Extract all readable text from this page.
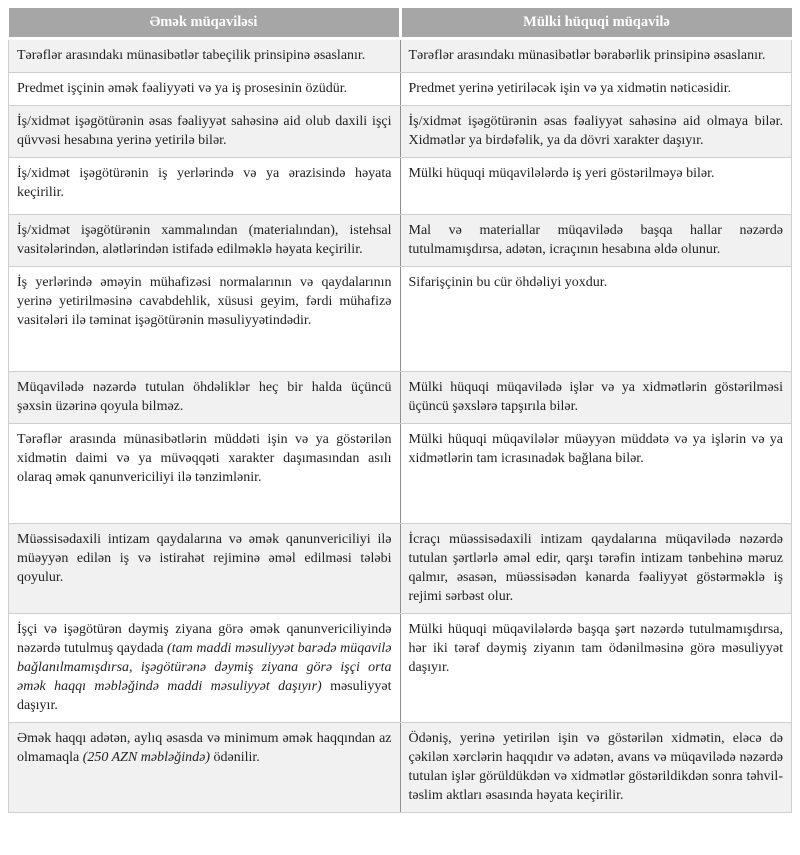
Əmək müqaviləsi	Mülki hüquqi müqavilə
Tərəflər arasındakı münasibətlər tabeçilik prinsipinə əsaslanır.	Tərəflər arasındakı münasibətlər bərabərlik prinsipinə əsaslanır.
Predmet işçinin əmək fəaliyyəti və ya iş prosesinin özüdür.	Predmet yerinə yetiriləcək işin və ya xidmətin nəticəsidir.
İş/xidmət işəgötürənin əsas fəaliyyət sahəsinə aid olub daxili işçi qüvvəsi hesabına yerinə yetirilə bilər.	İş/xidmət işəgötürənin əsas fəaliyyət sahəsinə aid olmaya bilər. Xidmətlər ya birdəfəlik, ya da dövri xarakter daşıyır.
İş/xidmət işəgötürənin iş yerlərində və ya ərazisində həyata keçirilir.	Mülki hüquqi müqavilələrdə iş yeri göstərilməyə bilər.
İş/xidmət işəgötürənin xammalından (materialından), istehsal vasitələrindən, alətlərindən istifadə edilməklə həyata keçirilir.	Mal və materiallar müqavilədə başqa hallar nəzərdə tutulmamışdırsa, adətən, icraçının hesabına əldə olunur.
İş yerlərində əməyin mühafizəsi normalarının və qaydalarının yerinə yetirilməsinə cavabdehlik, xüsusi geyim, fərdi mühafizə vasitələri ilə təminat işəgötürənin məsuliyyətindədir.	Sifarişçinin bu cür öhdəliyi yoxdur.
Müqavilədə nəzərdə tutulan öhdəliklər heç bir halda üçüncü şəxsin üzərinə qoyula bilməz.	Mülki hüquqi müqavilədə işlər və ya xidmətlərin göstərilməsi üçüncü şəxslərə tapşırıla bilər.
Tərəflər arasında münasibətlərin müddəti işin və ya göstərilən xidmətin daimi və ya müvəqqəti xarakter daşımasından asılı olaraq əmək qanunvericiliyi ilə tənzimlənir.	Mülki hüquqi müqavilələr müəyyən müddətə və ya işlərin və ya xidmətlərin tam icrasınadək bağlana bilər.
Müəssisədaxili intizam qaydalarına və əmək qanunvericiliyi ilə müəyyən edilən iş və istirahət rejiminə əməl edilməsi tələbi qoyulur.	İcraçı müəssisədaxili intizam qaydalarına müqavilədə nəzərdə tutulan şərtlərlə əməl edir, qarşı tərəfin intizam tənbehinə məruz qalmır, əsasən, müəssisədən kənarda fəaliyyət göstərməklə iş rejimi sərbəst olur.
İşçi və işəgötürən dəymiş ziyana görə əmək qanunvericiliyində nəzərdə tutulmuş qaydada (tam maddi məsuliyyət barədə müqavilə bağlanılmamışdırsa, işəgötürənə dəymiş ziyana görə işçi orta əmək haqqı məbləğində maddi məsuliyyət daşıyır) məsuliyyət daşıyır.	Mülki hüquqi müqavilələrdə başqa şərt nəzərdə tutulmamışdırsa, hər iki tərəf dəymiş ziyanın tam ödənilməsinə görə məsuliyyət daşıyır.
Əmək haqqı adətən, aylıq əsasda və minimum əmək haqqından az olmamaqla (250 AZN məbləğində) ödənilir.	Ödəniş, yerinə yetirilən işin və göstərilən xidmətin, eləcə də çəkilən xərclərin haqqıdır və adətən, avans və müqavilədə nəzərdə tutulan işlər görüldükdən və xidmətlər göstərildikdən sonra təhvil-təslim aktları əsasında həyata keçirilir.
